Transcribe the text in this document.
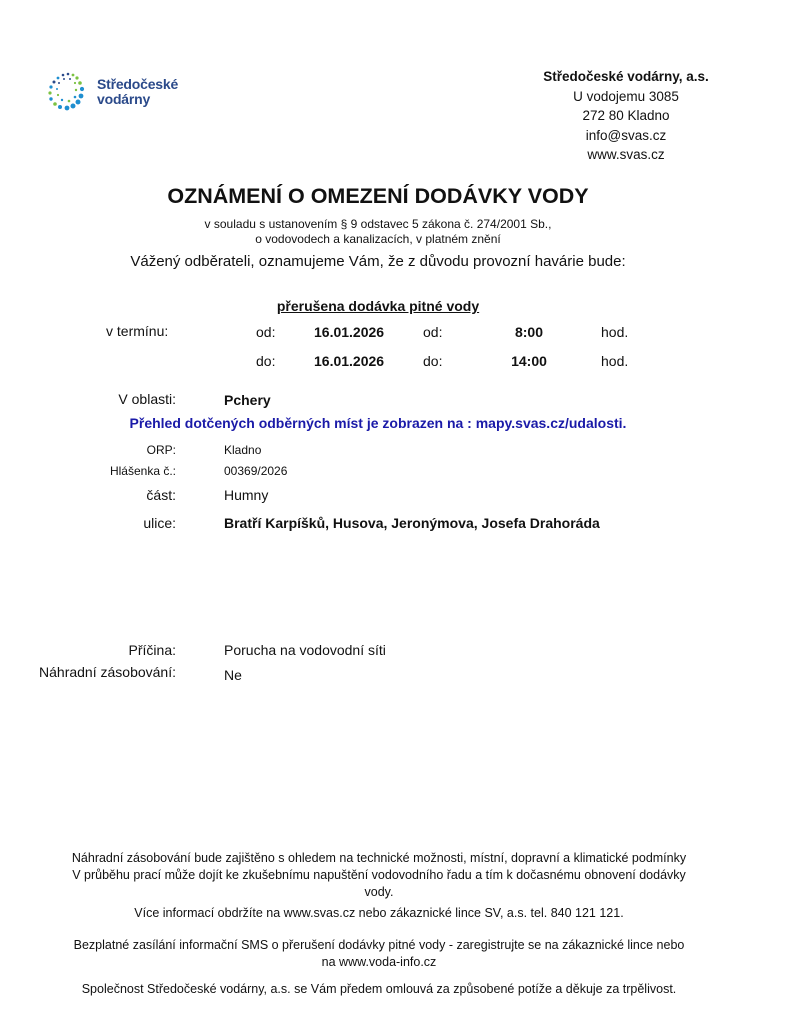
Středočeské
vodárny
Středočeské vodárny, a.s.
U vodojemu 3085
272 80 Kladno
info@svas.cz
www.svas.cz
OZNÁMENÍ O OMEZENÍ DODÁVKY VODY
v souladu s ustanovením § 9 odstavec 5 zákona č. 274/2001 Sb.,
o vodovodech a kanalizacích, v platném znění
Vážený odběrateli, oznamujeme Vám, že z důvodu provozní havárie bude:
přerušena dodávka pitné vody
v termínu:	od:	16.01.2026	od:	8:00	hod.
do:	16.01.2026	do:	14:00	hod.
V oblasti:	Pchery
Přehled dotčených odběrných míst je zobrazen na : mapy.svas.cz/udalosti.
ORP:	Kladno
Hlášenka č.:	00369/2026
část:	Humny
ulice:	Bratří Karpíšků, Husova, Jeronýmova, Josefa Drahoráda
Příčina:	Porucha na vodovodní síti
Náhradní zásobování:	Ne
Náhradní zásobování bude zajištěno s ohledem na technické možnosti, místní, dopravní a klimatické podmínky
V průběhu prací může dojít ke zkušebnímu napuštění vodovodního řadu a tím k dočasnému obnovení dodávky
vody.
Více informací obdržíte na www.svas.cz nebo zákaznické lince SV, a.s. tel. 840 121 121.
Bezplatné zasílání informační SMS o přerušení dodávky pitné vody - zaregistrujte se na zákaznické lince nebo
na www.voda-info.cz
Společnost Středočeské vodárny, a.s. se Vám předem omlouvá za způsobené potíže a děkuje za trpělivost.
